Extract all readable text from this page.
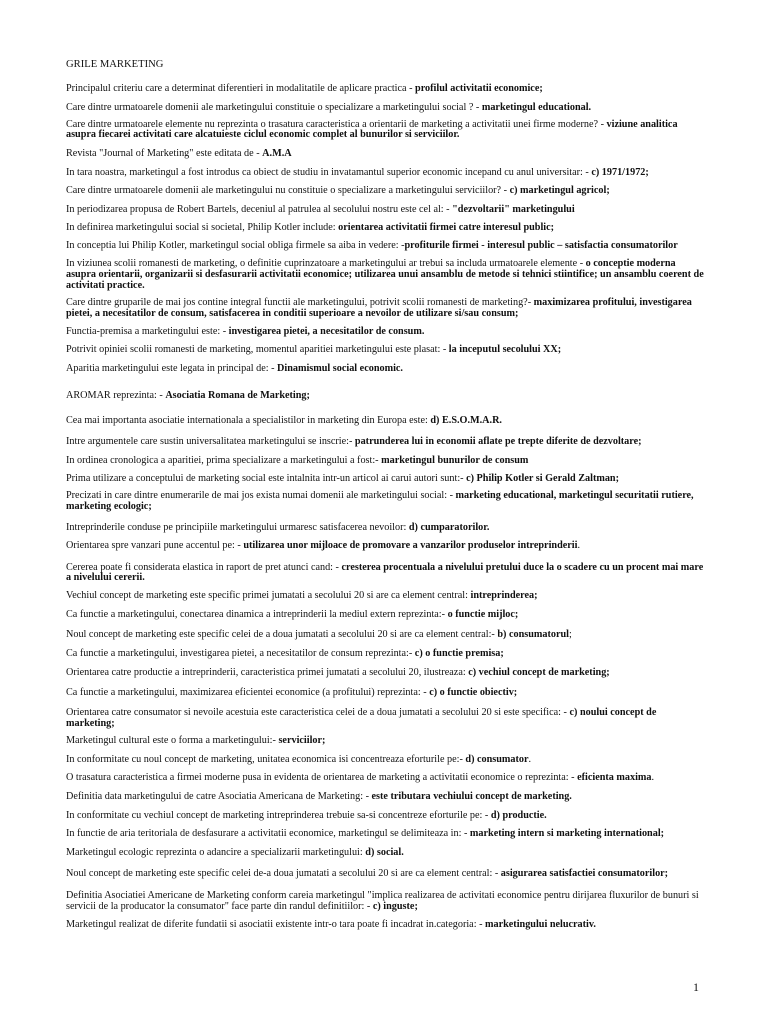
GRILE MARKETING
Principalul criteriu care a determinat diferentieri in modalitatile de aplicare practica - profilul activitatii economice;
Care dintre urmatoarele domenii ale marketingului constituie o specializare a marketingului social ? - marketingul educational.
Care dintre urmatoarele elemente nu reprezinta o trasatura caracteristica a orientarii de marketing a activitatii unei firme moderne? - viziune analitica asupra fiecarei activitati care alcatuieste ciclul economic complet al bunurilor si serviciilor.
Revista "Journal of Marketing" este editata de - A.M.A
In tara noastra, marketingul a fost introdus ca obiect de studiu in invatamantul superior economic incepand cu anul universitar: - c) 1971/1972;
Care dintre urmatoarele domenii ale marketingului nu constituie o specializare a marketingului serviciilor? - c) marketingul agricol;
In periodizarea propusa de Robert Bartels, deceniul al patrulea al secolului nostru este cel al: - "dezvoltarii" marketingului
In definirea marketingului social si societal, Philip Kotler include: orientarea activitatii firmei catre interesul public;
In conceptia lui Philip Kotler, marketingul social obliga firmele sa aiba in vedere: -profiturile firmei - interesul public – satisfactia consumatorilor
In viziunea scolii romanesti de marketing, o definitie cuprinzatoare a marketingului ar trebui sa includa urmatoarele elemente - o conceptie moderna asupra orientarii, organizarii si desfasurarii activitatii economice; utilizarea unui ansamblu de metode si tehnici stiintifice; un ansamblu coerent de activitati practice.
Care dintre gruparile de mai jos contine integral functii ale marketingului, potrivit scolii romanesti de marketing?- maximizarea profitului, investigarea pietei, a necesitatilor de consum, satisfacerea in conditii superioare a nevoilor de utilizare si/sau consum;
Functia-premisa a marketingului este: - investigarea pietei, a necesitatilor de consum.
Potrivit opiniei scolii romanesti de marketing, momentul aparitiei marketingului este plasat: - la inceputul secolului XX;
Aparitia marketingului este legata in principal de: - Dinamismul social economic.
AROMAR reprezinta: - Asociatia Romana de Marketing;
Cea mai importanta asociatie internationala a specialistilor in marketing din Europa este: d) E.S.O.M.A.R.
Intre argumentele care sustin universalitatea marketingului se inscrie:- patrunderea lui in economii aflate pe trepte diferite de dezvoltare;
In ordinea cronologica a aparitiei, prima specializare a marketingului a fost:- marketingul bunurilor de consum
Prima utilizare a conceptului de marketing social este intalnita intr-un articol ai carui autori sunt:- c) Philip Kotler si Gerald Zaltman;
Precizati in care dintre enumerarile de mai jos exista numai domenii ale marketingului social: - marketing educational, marketingul securitatii rutiere, marketing ecologic;
Intreprinderile conduse pe principiile marketingului urmaresc satisfacerea nevoilor: d) cumparatorilor.
Orientarea spre vanzari pune accentul pe: - utilizarea unor mijloace de promovare a vanzarilor produselor intreprinderii.
Cererea poate fi considerata elastica in raport de pret atunci cand: - cresterea procentuala a nivelului pretului duce la o scadere cu un procent mai mare a nivelului cererii.
Vechiul concept de marketing este specific primei jumatati a secolului 20 si are ca element central: intreprinderea;
Ca functie a marketingului, conectarea dinamica a intreprinderii la mediul extern reprezinta:- o functie mijloc;
Noul concept de marketing este specific celei de a doua jumatati a secolului 20 si are ca element central:- b) consumatorul;
Ca functie a marketingului, investigarea pietei, a necesitatilor de consum reprezinta:- c) o functie premisa;
Orientarea catre productie a intreprinderii, caracteristica primei jumatati a secolului 20, ilustreaza: c) vechiul concept de marketing;
Ca functie a marketingului, maximizarea eficientei economice (a profitului) reprezinta: - c) o functie obiectiv;
Orientarea catre consumator si nevoile acestuia este caracteristica celei de a doua jumatati a secolului 20 si este specifica: - c) noului concept de marketing;
Marketingul cultural este o forma a marketingului:- serviciilor;
In conformitate cu noul concept de marketing, unitatea economica isi concentreaza eforturile pe:- d) consumator.
O trasatura caracteristica a firmei moderne pusa in evidenta de orientarea de marketing a activitatii economice o reprezinta: - eficienta maxima.
Definitia data marketingului de catre Asociatia Americana de Marketing: - este tributara vechiului concept de marketing.
In conformitate cu vechiul concept de marketing intreprinderea trebuie sa-si concentreze eforturile pe: - d) productie.
In functie de aria teritoriala de desfasurare a activitatii economice, marketingul se delimiteaza in: - marketing intern si marketing international;
Marketingul ecologic reprezinta o adancire a specializarii marketingului: d) social.
Noul concept de marketing este specific celei de-a doua jumatati a secolului 20 si are ca element central: - asigurarea satisfactiei consumatorilor;
Definitia Asociatiei Americane de Marketing conform careia marketingul "implica realizarea de activitati economice pentru dirijarea fluxurilor de bunuri si servicii de la producator la consumator" face parte din randul definitiilor: - c) inguste;
Marketingul realizat de diferite fundatii si asociatii existente intr-o tara poate fi incadrat in.categoria: - marketingului nelucrativ.
1
